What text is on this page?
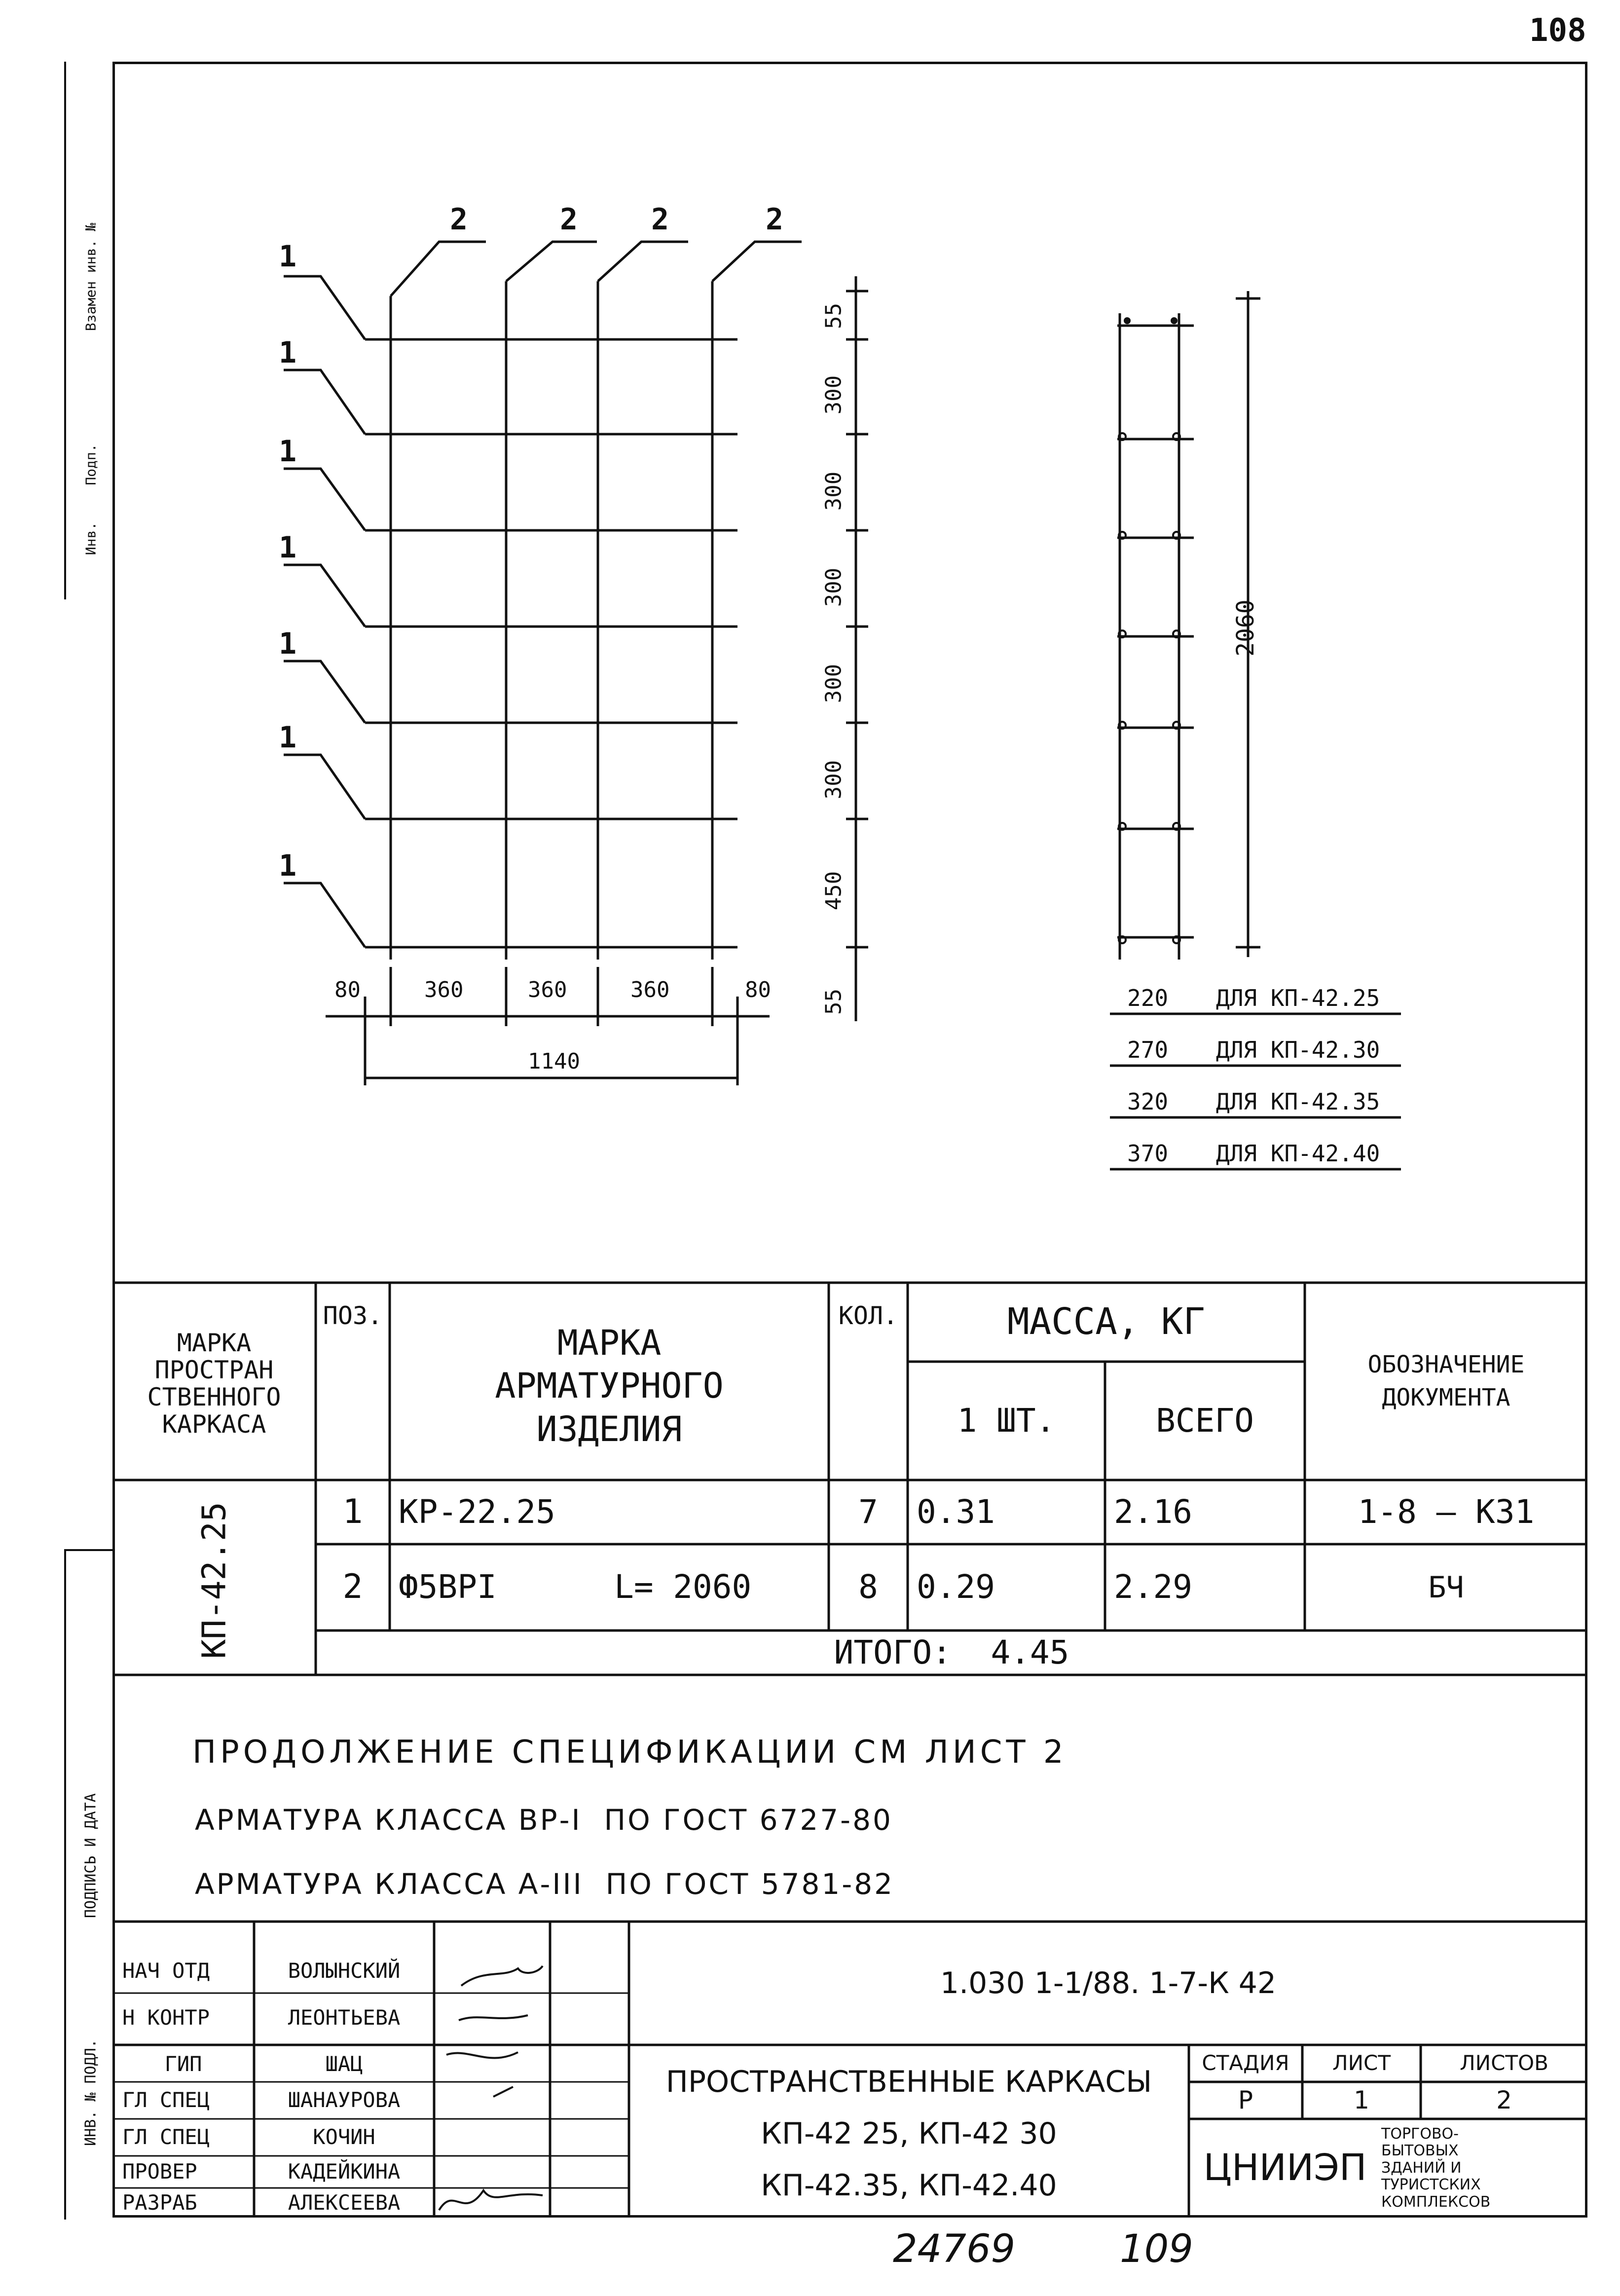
108
Взамен инв. №
Подп.
Инв.
ПОДПИСЬ И ДАТА
ИНВ. № ПОДЛ.
2	2 2	2
1
1
1
1
1
1
1
80	360	360	360	80
1140
55
300
300
300
300
300
450
55
2060
220 ДЛЯ КП-42.25
270 ДЛЯ КП-42.30
320 ДЛЯ КП-42.35
370 ДЛЯ КП-42.40
МАРКА
ПРОСТРАН
СТВЕННОГО
КАРКАСА
ПОЗ.
МАРКА
АРМАТУРНОГО
ИЗДЕЛИЯ
КОЛ.	МАССА, КГ
1 ШТ.	ВСЕГО
ОБОЗНАЧЕНИЕ
ДОКУМЕНТА
КП-42.25	1	КР-22.25	7	0.31	2.16	1-8 — К31
2	Ф5ВРI      L= 2060	8	0.29	2.29	БЧ
ИТОГО:  4.45
ПРОДОЛЖЕНИЕ СПЕЦИФИКАЦИИ СМ ЛИСТ 2
АРМАТУРА КЛАССА ВР-I  ПО ГОСТ 6727-80
АРМАТУРА КЛАССА А-III  ПО ГОСТ 5781-82
НАЧ ОТД	ВОЛЫНСКИЙ
Н КОНТР	ЛЕОНТЬЕВА
ГИП	ШАЦ
ГЛ СПЕЦ	ШАНАУРОВА
ГЛ СПЕЦ	КОЧИН
ПРОВЕР	КАДЕЙКИНА
РАЗРАБ	АЛЕКСЕЕВА
1.030 1-1/88. 1-7-К 42
ПРОСТРАНСТВЕННЫЕ КАРКАСЫ
КП-42 25, КП-42 30
КП-42.35, КП-42.40
СТАДИЯ	ЛИСТ	ЛИСТОВ
Р	1	2
ЦНИИЭП
ТОРГОВО-
БЫТОВЫХ
ЗДАНИЙ И
ТУРИСТСКИХ
КОМПЛЕКСОВ
24769	109
